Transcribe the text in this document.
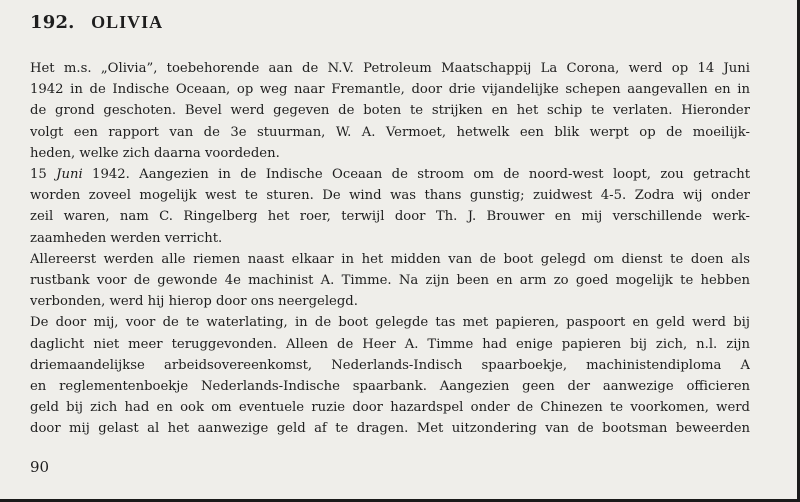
192. OLIVIA
Het m.s. „Olivia”, toebehorende aan de N.V. Petroleum Maatschappij La Corona, werd op 14 Juni
1942 in de Indische Oceaan, op weg naar Fremantle, door drie vijandelijke schepen aangevallen en in
de grond geschoten. Bevel werd gegeven de boten te strijken en het schip te verlaten. Hieronder
volgt een rapport van de 3e stuurman, W. A. Vermoet, hetwelk een blik werpt op de moeilijk-
heden, welke zich daarna voordeden.
15 Juni 1942. Aangezien in de Indische Oceaan de stroom om de noord-west loopt, zou getracht
worden zoveel mogelijk west te sturen. De wind was thans gunstig; zuidwest 4-5. Zodra wij onder
zeil waren, nam C. Ringelberg het roer, terwijl door Th. J. Brouwer en mij verschillende werk-
zaamheden werden verricht.
Allereerst werden alle riemen naast elkaar in het midden van de boot gelegd om dienst te doen als
rustbank voor de gewonde 4e machinist A. Timme. Na zijn been en arm zo goed mogelijk te hebben
verbonden, werd hij hierop door ons neergelegd.
De door mij, voor de te waterlating, in de boot gelegde tas met papieren, paspoort en geld werd bij
daglicht niet meer teruggevonden. Alleen de Heer A. Timme had enige papieren bij zich, n.l. zijn
driemaandelijkse arbeidsovereenkomst, Nederlands-Indisch spaarboekje, machinistendiploma A
en reglementenboekje Nederlands-Indische spaarbank. Aangezien geen der aanwezige officieren
geld bij zich had en ook om eventuele ruzie door hazardspel onder de Chinezen te voorkomen, werd
door mij gelast al het aanwezige geld af te dragen. Met uitzondering van de bootsman beweerden
90
